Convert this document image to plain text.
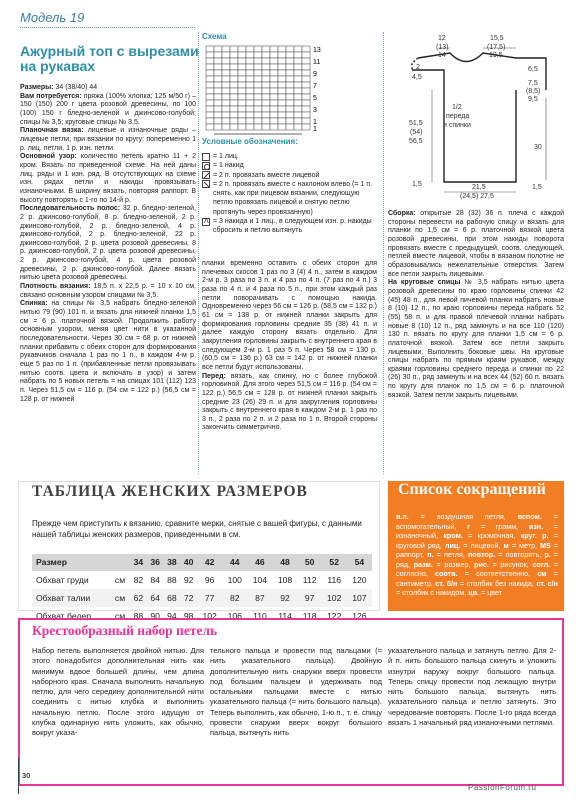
Модель 19
Ажурный топ с вырезами на рукавах

Размеры: 34 (38/40) 44

Вам потребуется: пряжа (100% хлопка; 125 м/50 г) – 150 (150) 200 г цвета розовой древесины, по 100 (100) 150 г бледно-зеленой и джинсово-голубой; спицы № 3,5; круговые спицы № 3,5.

Планочная вязка: лицевые и изнаночные ряды – лицевые петли; при вязании по кругу: попеременно 1 р. лиц. петли, 1 р. изн. петли.

Основной узор: количество петель кратно 11 + 2 кром. Вязать по приведенной схеме. На ней даны лиц. ряды и 1 изн. ряд. В отсутствующих на схеме изн. рядах петли и накиды провязывать изнаночными. В ширину вязать, повторяя раппорт. В высоту повторять с 1-го по 14-й р.

Последовательность полос: 32 р. бледно-зеленой, 2 р. джинсово-голубой, 8 р. бледно-зеленой, 2 р. джинсово-голубой, 2 р. бледно-зеленой, 4 р. джинсово-голубой, 2 р. бледно-зеленой, 22 р. джинсово-голубой, 2 р. цвета розовой древесины, 8 р. джинсово-голубой, 2 р. цвета розовой древесины, 2 р. джинсово-голубой, 4 р. цвета розовой древесины, 2 р. джинсово-голубой. Далее вязать нитью цвета розовой древесины.

Плотность вязания: 18,5 п. x 22,5 р. = 10 x 10 см, связано основным узором спицами № 3,5.

Спинка: на спицы № 3,5 набрать бледно-зеленой нитью 79 (90) 101 п. и вязать для нижней планки 1,5 см = 6 р. платочной вязкой. Продолжить работу основным узором, меняя цвет нити в указанной последовательности. Через 30 см = 68 р. от нижней планки прибавить с обеих сторон для формирования рукавчиков сначала 1 раз по 1 п., в каждом 4-м р. еще 5 раз по 1 п. (прибавленные петли провязывать нитью соотв. цвета и включать в узор) и затем набрать по 5 новых петель = на спицах 101 (112) 123 п. Через 51,5 см = 116 р. (54 см = 122 р.) (56,5 см = 128 р. от нижней

Схема
13
11
9
7
5
3
1
1
Условные обозначения:
= 1 лиц.
= 1 накид
= 2 п. провязать вместе лицевой
= 2 п. провязать вместе с наклоном влево (= 1 п. снять, как при лицевом вязании, следующую петлю провязать лицевой и снятую петлю протянуть через провязанную)
Λ
= 3 накида и 1 лиц., в следующем изн. р. накиды сбросить и петлю вытянуть

планки временно оставить с обеих сторон для плечевых скосов 1 раз по 3 (4) 4 п., затем в каждом 2-м р. 3 раза по 3 п. и 4 раз по 4 п. (7 раз по 4 п.) 3 раза по 4 п. и 4 раза по 5 п., при этом каждый раз петли поворачивать с помощью накида. Одновременно через 56 см = 126 р. (58,5 см = 132 р.) 61 см = 138 р. от нижней планки закрыть для формирования горловины средние 35 (38) 41 п. и далее каждую сторону вязать отдельно. Для закругления горловины закрыть с внутреннего края в следующем 2-м р. 1 раз 5 п. Через 58 см = 130 р. (60,5 см = 136 р.) 63 см = 142 р. от нижней планки все петли будут использованы.

Перед: вязать, как спинку, но с более глубокой горловиной. Для этого через 51,5 см = 116 р. (54 см = 122 р.) 56,5 см = 128 р. от нижней планки закрыть средние 23 (26) 29 п. и для закругления горловины закрыть с внутреннего края в каждом 2-м р. 1 раз по 3 п., 2 раза по 2 п. и 2 раза по 1 п. Второй стороны закончить симметрично.

12
(13)
14
15,5
(17,5)
19,5
2
4,5
6,5
7,5
(8,5)
9,5
51,5
(54)
56,5
1/2
переда
и спинки
30
21,5
(24,5) 27,5
1,5	1,5

Сборка: открытые 28 (32) 36 п. плеча с каждой стороны перевести на рабочую спицу и вязать для планки по 1,5 см = 6 р. платочной вязкой цвета розовой древесины, при этом накиды поворота провязать вместе с предыдущей, соотв. следующей, петлей вместе лицевой, чтобы в вязаном полотне не образовывались нежелательные отверстия. Затем все петли закрыть лицевыми.

На круговые спицы № 3,5 набрать нитью цвета розовой древесины по краю горловины спинки 42 (45) 48 п., для левой пичевой планки набрать новые 8 (10) 12 п., по краю горловины переда набрать 52 (55) 58 п. и для правой плечевой планки набрать новые 8 (10) 12 п., ряд замкнуть и на все 110 (120) 130 п. вязать по кругу для планки 1,5 см = 6 р. платочной вязкой. Затем все петли закрыть лицевыми. Выполнить боковые швы. На круговые спицы набрать по прямым краям рукавов, между краями горловины среднего переда и спинки по 22 (26) 30 п., ряд замкнуть и на всех 44 (52) 60 п. вязать по кругу для планок по 1,5 см = 6 р. платочной вязкой. Затем петли закрыть лицевыми.

ТАБЛИЦА ЖЕНСКИХ РАЗМЕРОВ
Прежде чем приступить к вязанию, сравните мерки, снятые с вашей фигуры, с данными нашей таблицы женских размеров, приведенными в см.
Размер		34	36	38	40	42	44	46	48	50	52	54
Обхват груди	см	82	84	88	92	96	100	104	108	112	116	120
Обхват талии	см	62	64	68	72	77	82	87	92	97	102	107
Обхват бедер	см	88	90	94	98	102	106	110	114	118	122	126
Список сокращений
в.п. = воздушная петля, вспом. = вспомогательный, г = грамм, изн. = изнаночный, кром. = кромочная, круг. р. = круговой ряд, лиц. = лицевой, м = метр, MS = раппорт, п. = петля, повтор. = повторять, р. = ряд, разм. = размер, рис. = рисунок, согл. = согласно, соотв. = соответственно, см = сантиметр, ст. б/н = столбик без накида, ст. с/н = столбик с накидом, цв. = цвет
Крестообразный набор петель
Набор петель выполняется двойной нитью. Для этого понадобится дополнительная нить как минимум вдвое большей длины, чем длина наборного края. Сначала выполнить начальную петлю, для чего середину дополнительной нити соединить с нитью клубка и выполнить начальную петлю. После этого идущую от клубка одинарную нить уложить, как обычно, вокруг указа-
тельного пальца и провести под пальцами (= нить указательного пальца). Двойную дополнительную нить снаружи вверх провести под большим пальцем и удерживать под остальными пальцами вместе с нитью указательного пальца (= нить большого пальца). Теперь выполнить, как обычно, 1-ю п., т. е. спицу провести снаружи вверх вокруг большого пальца, вытянуть нить
указательного пальца и затянуть петлю. Для 2-й п. нить большого пальца скинуть и уложить изнутри наружу вокруг большого пальца. Теперь спицу провести под лежащую внутри нить большого пальца, вытянуть нить указательного пальца и петлю затянуть. Это чередование повторять. После 1-го ряда всегда вязать 1 начальный ряд изнаночными петлями.
30
PassionForum.ru
